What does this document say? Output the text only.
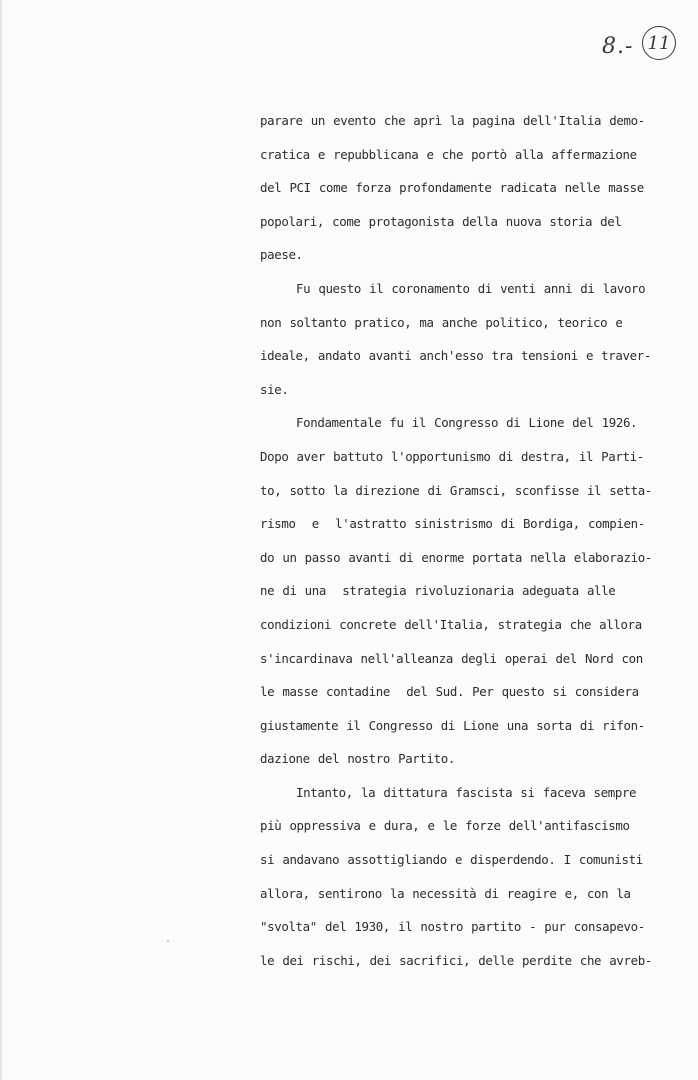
8.- 11
parare un evento che aprì la pagina dell'Italia demo-
cratica e repubblicana e che portò alla affermazione
del PCI come forza profondamente radicata nelle masse
popolari, come protagonista della nuova storia del
paese.
Fu questo il coronamento di venti anni di lavoro
non soltanto pratico, ma anche politico, teorico e
ideale, andato avanti anch'esso tra tensioni e traver-
sie.
Fondamentale fu il Congresso di Lione del 1926.
Dopo aver battuto l'opportunismo di destra, il Parti-
to, sotto la direzione di Gramsci, sconfisse il setta-
rismo  e  l'astratto sinistrismo di Bordiga, compien-
do un passo avanti di enorme portata nella elaborazio-
ne di una  strategia rivoluzionaria adeguata alle
condizioni concrete dell'Italia, strategia che allora
s'incardinava nell'alleanza degli operai del Nord con
le masse contadine  del Sud. Per questo si considera
giustamente il Congresso di Lione una sorta di rifon-
dazione del nostro Partito.
Intanto, la dittatura fascista si faceva sempre
più oppressiva e dura, e le forze dell'antifascismo
si andavano assottigliando e disperdendo. I comunisti
allora, sentirono la necessità di reagire e, con la
"svolta" del 1930, il nostro partito - pur consapevo-
le dei rischi, dei sacrifici, delle perdite che avreb-
